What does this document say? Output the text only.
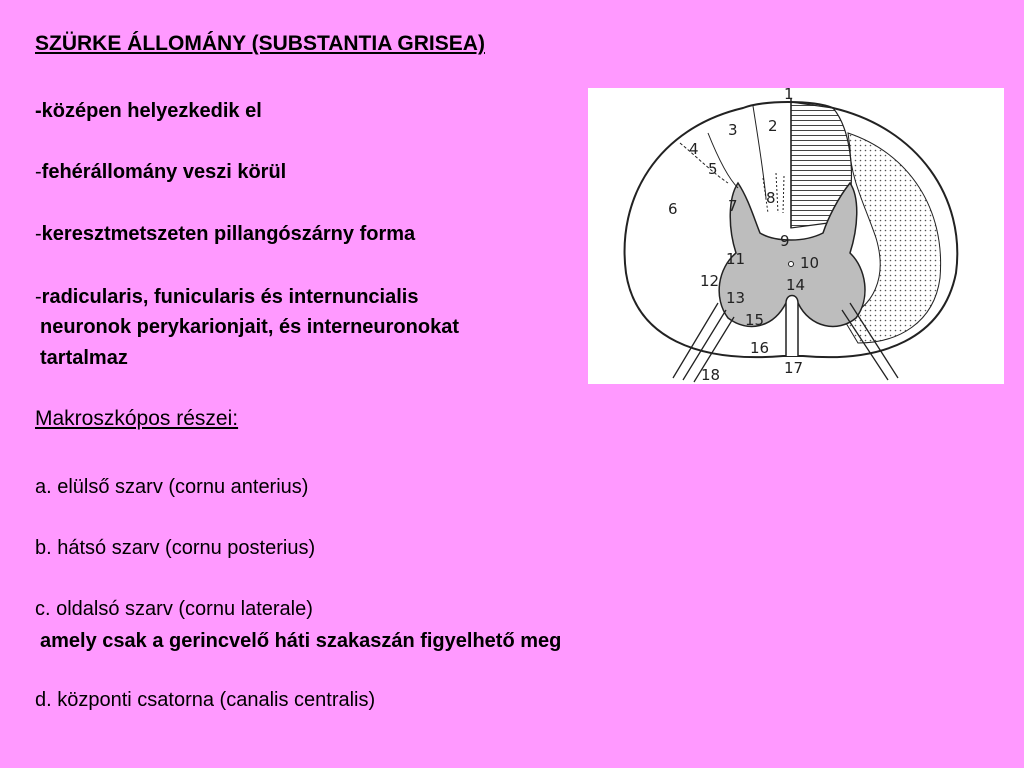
SZÜRKE ÁLLOMÁNY (SUBSTANTIA GRISEA)
-középen helyezkedik el
-fehérállomány veszi körül
-keresztmetszeten pillangószárny forma
-radicularis, funicularis és internuncialis
neuronok perykarionjait, és interneuronokat
tartalmaz
Makroszkópos részei:
a. elülső szarv (cornu anterius)
b. hátsó szarv (cornu posterius)
c. oldalsó szarv (cornu laterale)
amely csak a gerincvelő háti szakaszán figyelhető meg
d. központi csatorna (canalis centralis)
1
2
3
4
5
6	7 8
9
10
11
12
13
14
15
16
17
18
